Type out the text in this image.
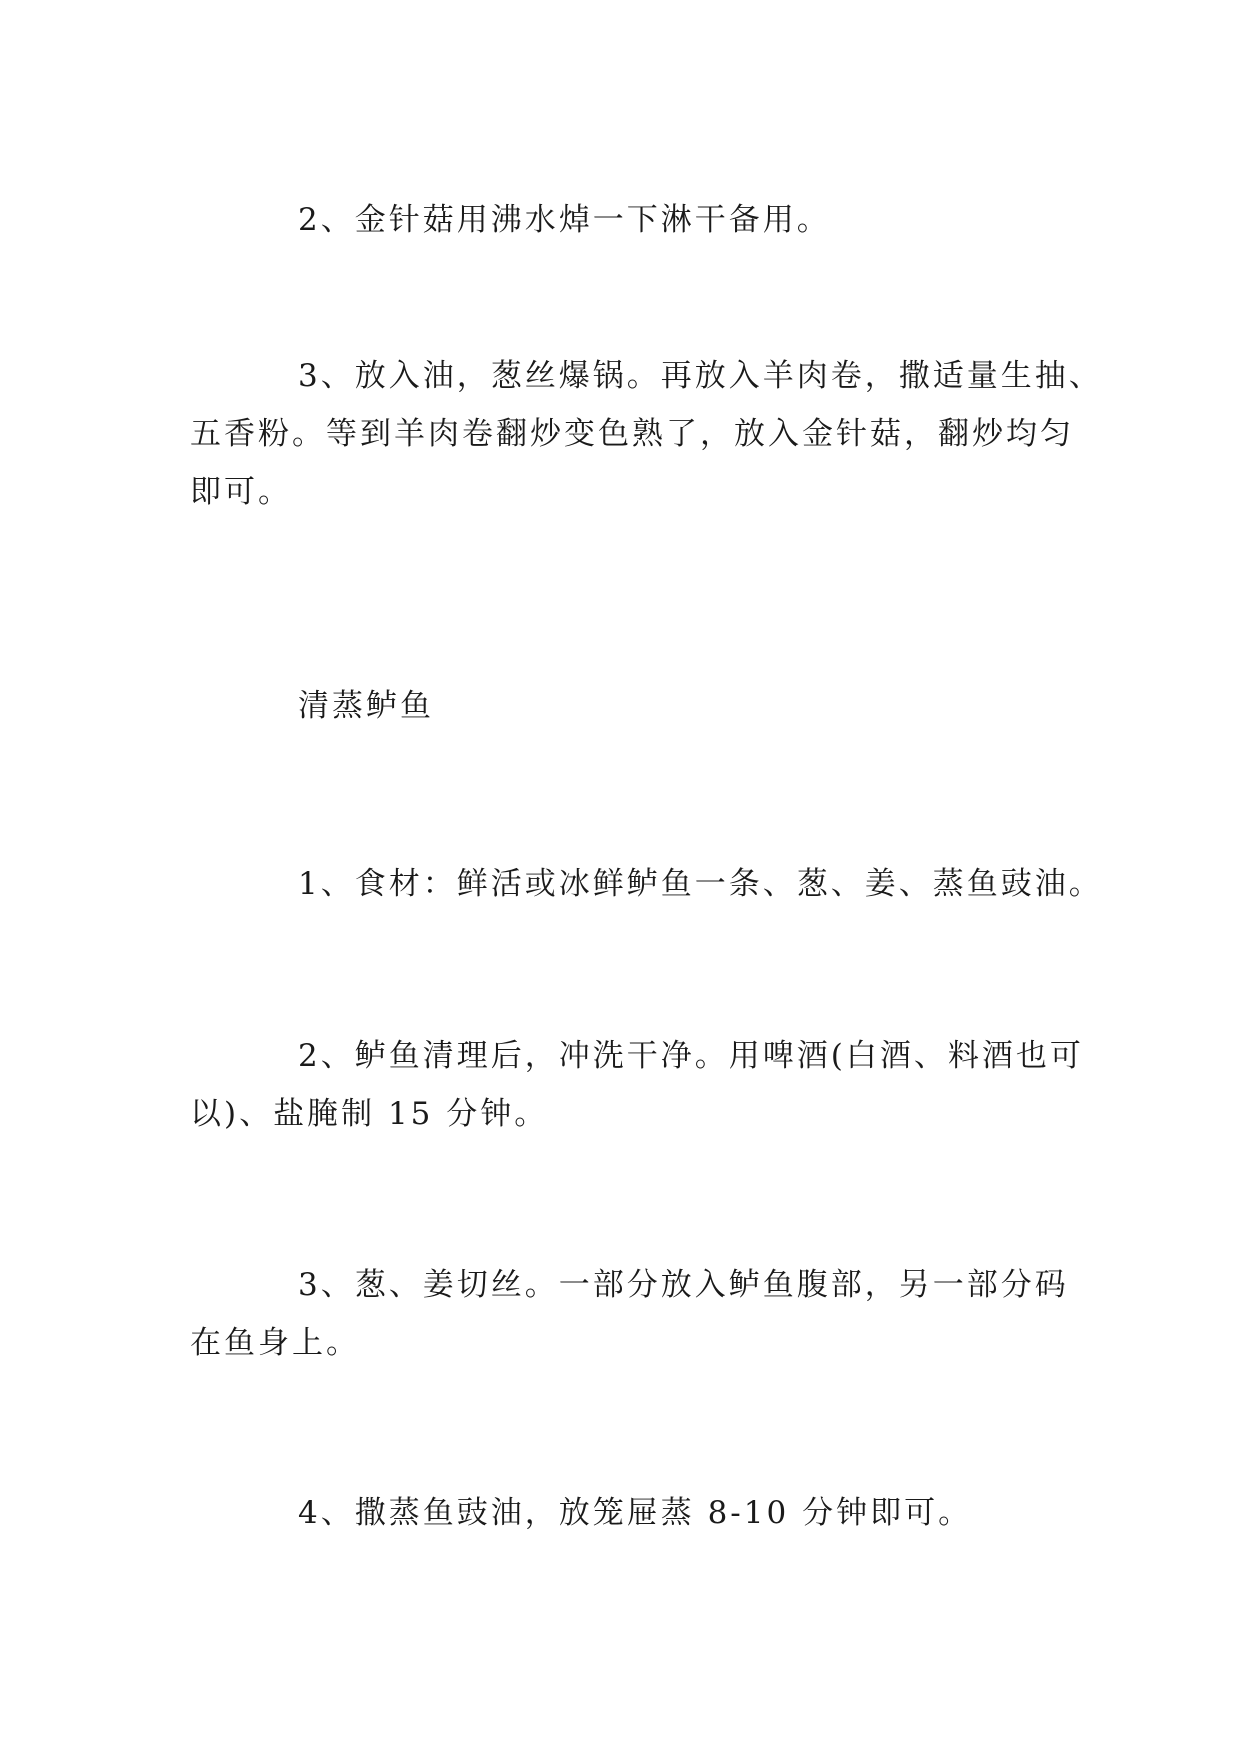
2、金针菇用沸水焯一下淋干备用。

3、放入油，葱丝爆锅。再放入羊肉卷，撒适量生抽、
五香粉。等到羊肉卷翻炒变色熟了，放入金针菇，翻炒均匀
即可。

清蒸鲈鱼

1、食材：鲜活或冰鲜鲈鱼一条、葱、姜、蒸鱼豉油。

2、鲈鱼清理后，冲洗干净。用啤酒(白酒、料酒也可
以)、盐腌制 15 分钟。

3、葱、姜切丝。一部分放入鲈鱼腹部，另一部分码
在鱼身上。

4、撒蒸鱼豉油，放笼屉蒸 8-10 分钟即可。
